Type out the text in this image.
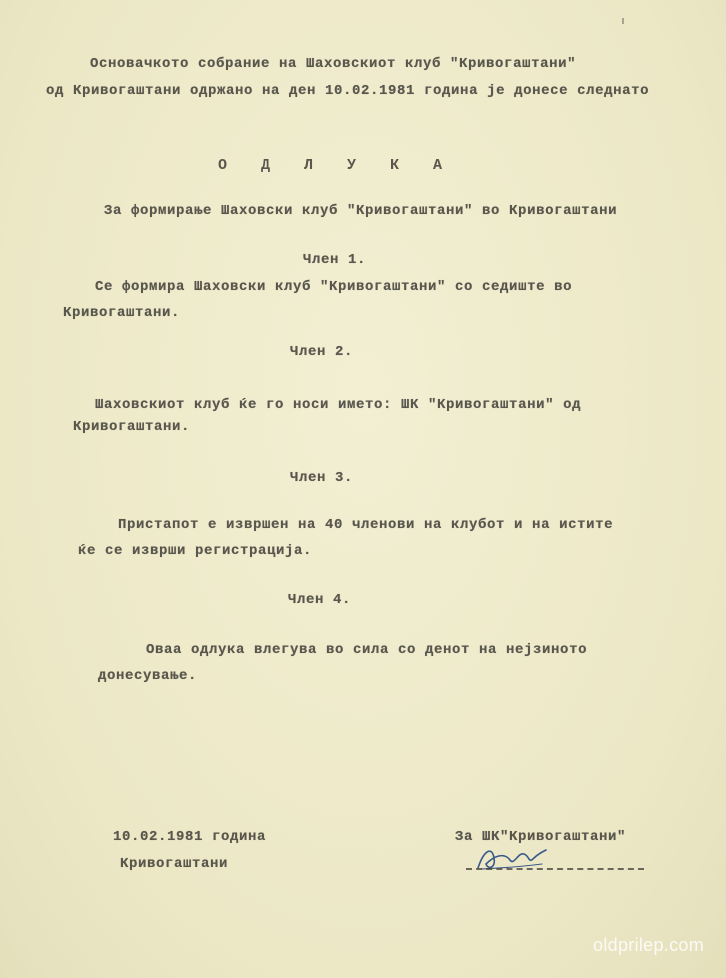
Основачкото собрание на Шаховскиот клуб "Кривогаштани"
од Кривогаштани одржано на ден 10.02.1981 година је донесе следнато
О Д Л У К А
За формирање Шаховски клуб "Кривогаштани" во Кривогаштани
Член 1.
Се формира Шаховски клуб "Кривогаштани" со седиште во
Кривогаштани.
Член 2.
Шаховскиот клуб ќе го носи името: ШК "Кривогаштани" од
Кривогаштани.
Член 3.
Пристапот е извршен на 40 членови на клубот и на истите
ќе се изврши регистрација.
Член 4.
Оваа одлука влегува во сила со денот на нејзиното
донесување.
10.02.1981 година
Кривогаштани
За ШК"Кривогаштани"
oldprilep.com
